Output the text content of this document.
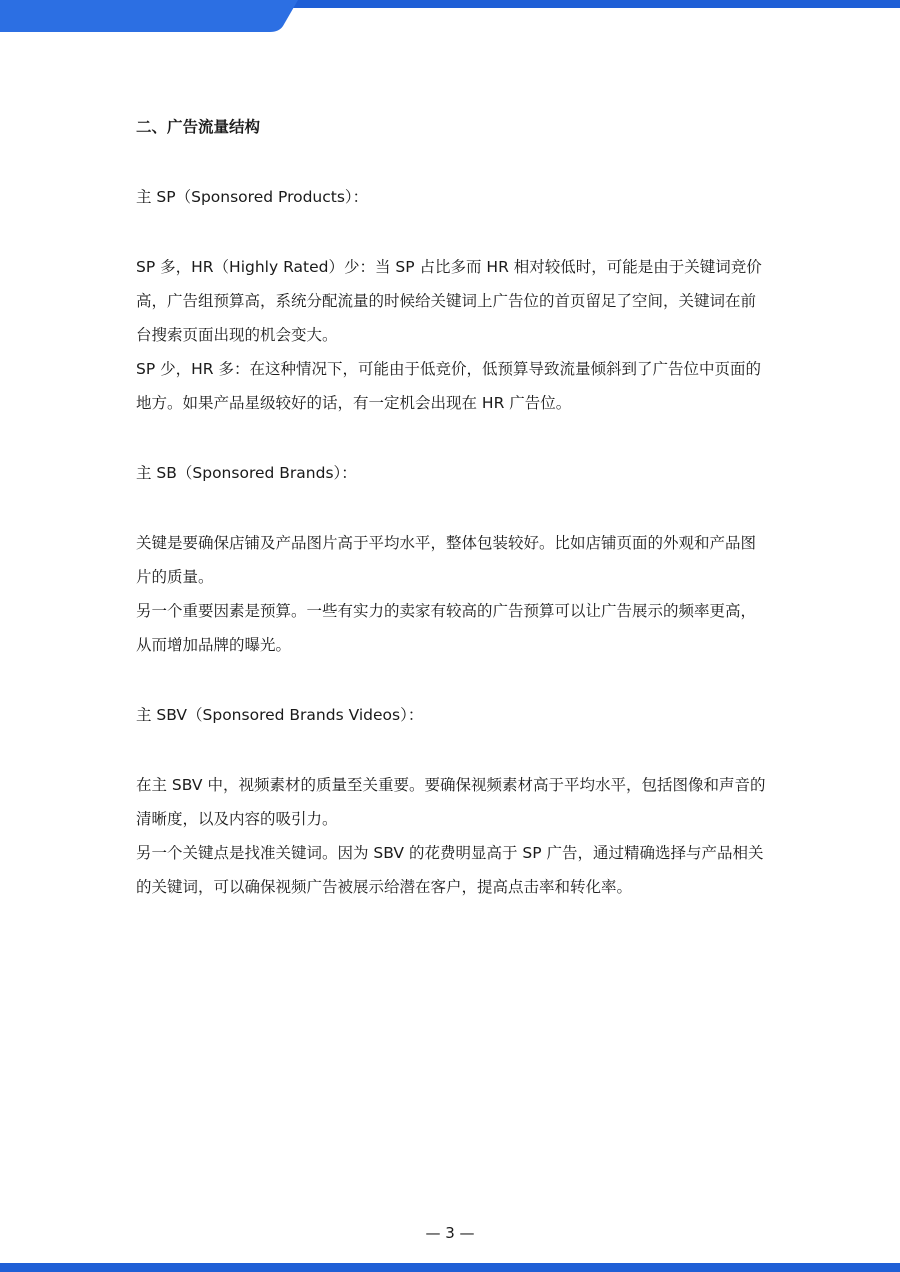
二、广告流量结构

主 SP（Sponsored Products）：

SP 多，HR（Highly Rated）少：当 SP 占比多而 HR 相对较低时，可能是由于关键词竞价高，广告组预算高，系统分配流量的时候给关键词上广告位的首页留足了空间，关键词在前台搜索页面出现的机会变大。

SP 少，HR 多：在这种情况下，可能由于低竞价，低预算导致流量倾斜到了广告位中页面的地方。如果产品星级较好的话，有一定机会出现在 HR 广告位。

主 SB（Sponsored Brands）：

关键是要确保店铺及产品图片高于平均水平，整体包装较好。比如店铺页面的外观和产品图片的质量。

另一个重要因素是预算。一些有实力的卖家有较高的广告预算可以让广告展示的频率更高，从而增加品牌的曝光。

主 SBV（Sponsored Brands Videos）：

在主 SBV 中，视频素材的质量至关重要。要确保视频素材高于平均水平，包括图像和声音的清晰度，以及内容的吸引力。

另一个关键点是找准关键词。因为 SBV 的花费明显高于 SP 广告，通过精确选择与产品相关的关键词，可以确保视频广告被展示给潜在客户，提高点击率和转化率。

— 3 —
